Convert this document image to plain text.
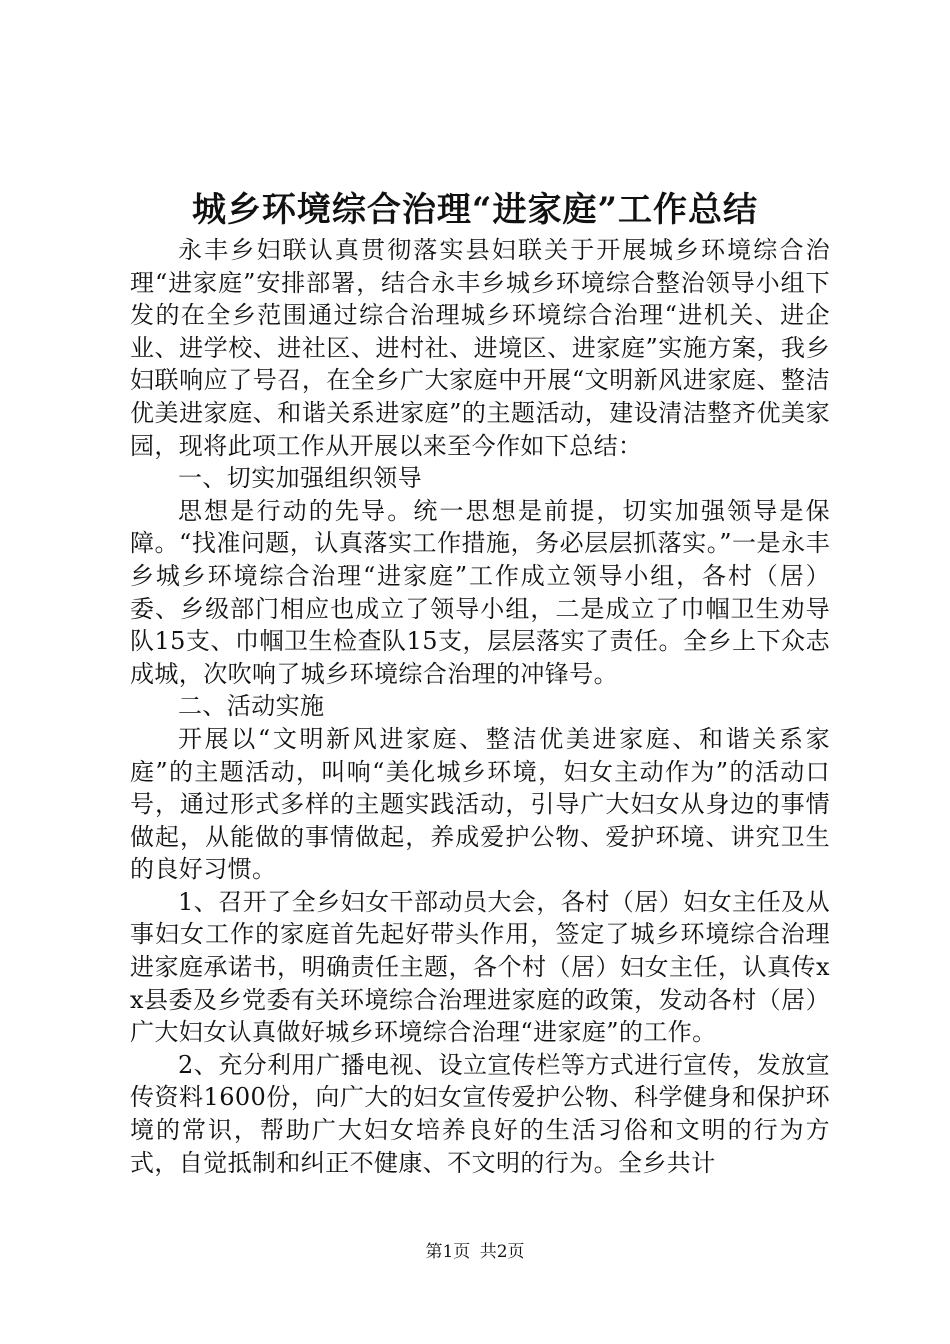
城乡环境综合治理“进家庭”工作总结

永丰乡妇联认真贯彻落实县妇联关于开展城乡环境综合治理“进家庭”安排部署，结合永丰乡城乡环境综合整治领导小组下发的在全乡范围通过综合治理城乡环境综合治理“进机关、进企业、进学校、进社区、进村社、进境区、进家庭”实施方案，我乡妇联响应了号召，在全乡广大家庭中开展“文明新风进家庭、整洁优美进家庭、和谐关系进家庭”的主题活动，建设清洁整齐优美家园，现将此项工作从开展以来至今作如下总结：

一、切实加强组织领导

思想是行动的先导。统一思想是前提，切实加强领导是保障。“找准问题，认真落实工作措施，务必层层抓落实。”一是永丰乡城乡环境综合治理“进家庭”工作成立领导小组，各村（居）委、乡级部门相应也成立了领导小组，二是成立了巾帼卫生劝导队15支、巾帼卫生检查队15支，层层落实了责任。全乡上下众志成城，次吹响了城乡环境综合治理的冲锋号。

二、活动实施

开展以“文明新风进家庭、整洁优美进家庭、和谐关系家庭”的主题活动，叫响“美化城乡环境，妇女主动作为”的活动口号，通过形式多样的主题实践活动，引导广大妇女从身边的事情做起，从能做的事情做起，养成爱护公物、爱护环境、讲究卫生的良好习惯。

1、召开了全乡妇女干部动员大会，各村（居）妇女主任及从事妇女工作的家庭首先起好带头作用，签定了城乡环境综合治理进家庭承诺书，明确责任主题，各个村（居）妇女主任，认真传xx县委及乡党委有关环境综合治理进家庭的政策，发动各村（居）广大妇女认真做好城乡环境综合治理“进家庭”的工作。

2、充分利用广播电视、设立宣传栏等方式进行宣传，发放宣传资料1600份，向广大的妇女宣传爱护公物、科学健身和保护环境的常识，帮助广大妇女培养良好的生活习俗和文明的行为方式，自觉抵制和纠正不健康、不文明的行为。全乡共计

第1页 共2页
